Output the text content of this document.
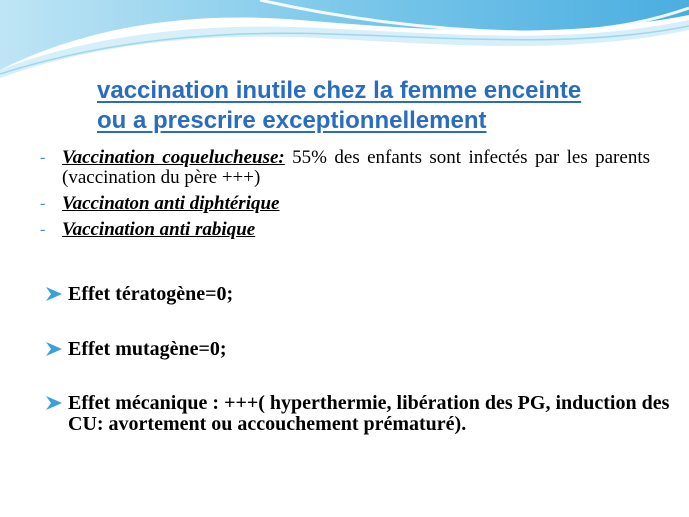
vaccination inutile chez la femme enceinte
ou a prescrire exceptionnellement
- Vaccination coquelucheuse: 55% des enfants sont infectés par les parents (vaccination du père +++)
- Vaccinaton anti diphtérique
- Vaccination anti rabique
Effet tératogène=0;
Effet mutagène=0;
Effet mécanique : +++( hyperthermie, libération des PG, induction des CU: avortement ou accouchement prématuré).
